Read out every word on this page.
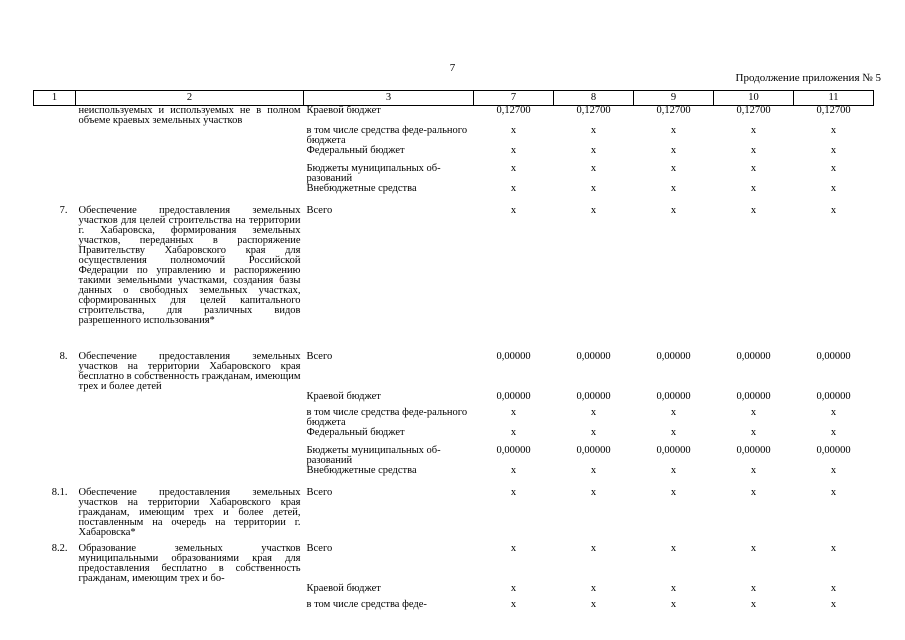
7
Продолжение приложения № 5
1	2	3	7	8	9	10	11
	неиспользуемых и используемых не в полном объеме краевых земельных участков	Краевой бюджет	0,12700	0,12700	0,12700	0,12700	0,12700
		в том числе средства феде-ральнoго бюджета	х	х	х	х	х
		Федеральный бюджет	х	х	х	х	х
		Бюджеты муниципальных об-разований	х	х	х	х	х
		Внебюджетные средства	х	х	х	х	х
7.	Обеспечение предоставления земельных участков для целей строительства на территории г. Хабаровска, формирования земельных участков, переданных в распоряжение Правительству Хабаровского края для осуществления полномочий Российской Федерации по управлению и распоряжению такими земельными участками, создания базы данных о свободных земельных участках, сформированных для целей капитального строительства, для различных видов разрешенного использования*	Всего	х	х	х	х	х
8.	Обеспечение предоставления земельных участков на территории Хабаровского края бесплатно в собственность гражданам, имеющим трех и более детей	Всего	0,00000	0,00000	0,00000	0,00000	0,00000
		Краевой бюджет	0,00000	0,00000	0,00000	0,00000	0,00000
		в том числе средства феде-рального бюджета	х	х	х	х	х
		Федеральный бюджет	х	х	х	х	х
		Бюджеты муниципальных об-разований	0,00000	0,00000	0,00000	0,00000	0,00000
		Внебюджетные средства	х	х	х	х	х
8.1.	Обеспечение предоставления земельных участков на территории Хабаровского края гражданам, имеющим трех и более детей, поставленным на очередь на территории г. Хабаровска*	Всего	х	х	х	х	х
8.2.	Образование земельных участков муниципальными образованиями края для предоставления бесплатно в собственность гражданам, имеющим трех и бо-	Всего	х	х	х	х	х
		Краевой бюджет	х	х	х	х	х
		в том числе средства феде-	х	х	х	х	х
